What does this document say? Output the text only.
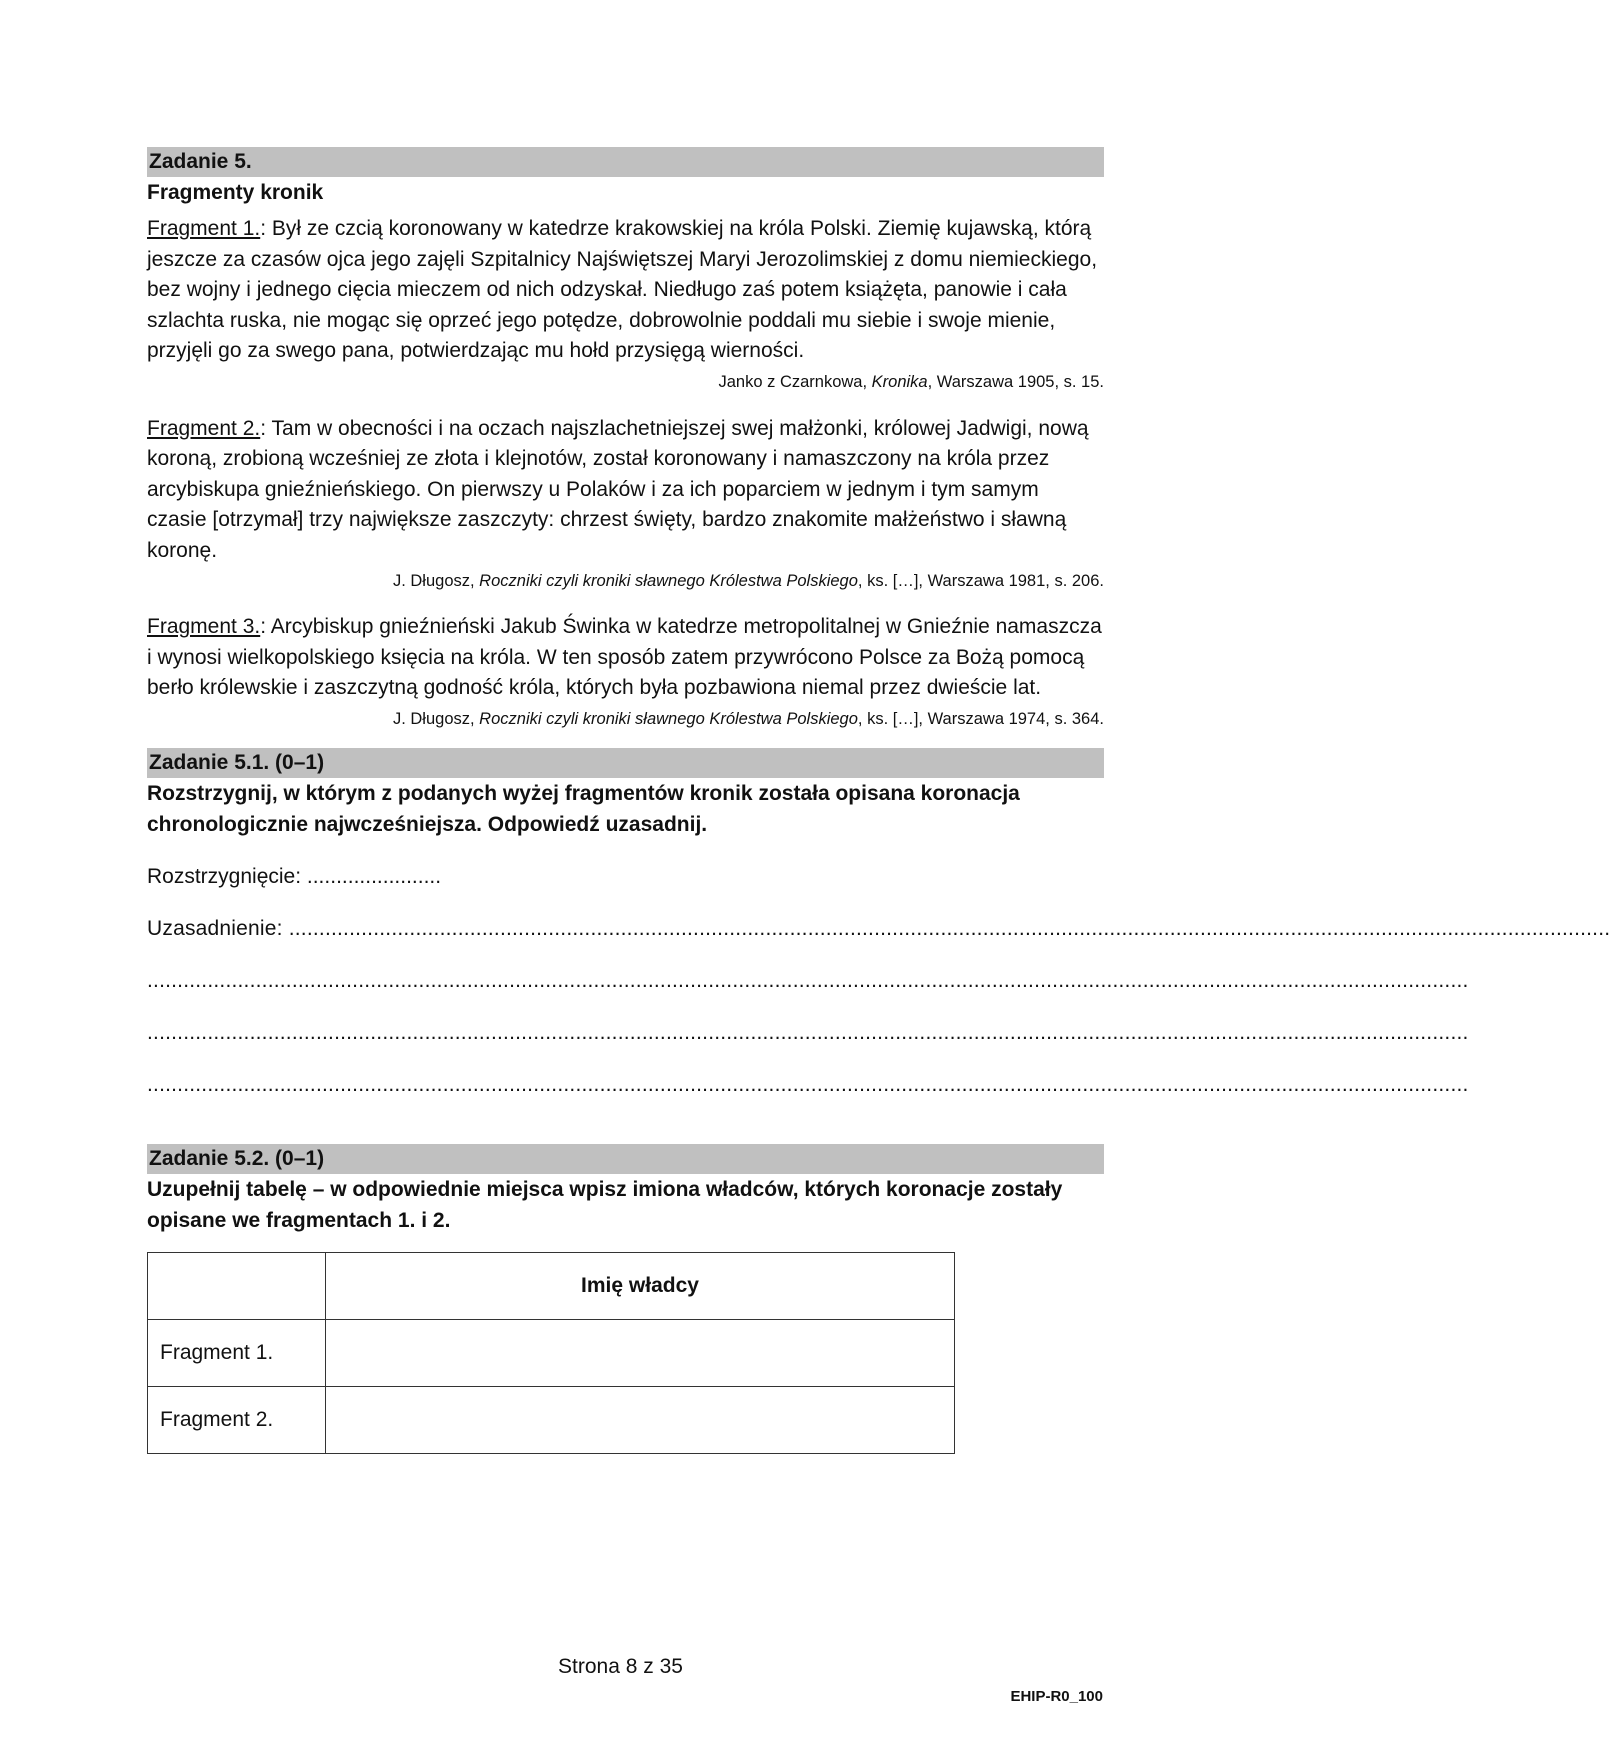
Zadanie 5.
Fragmenty kronik

Fragment 1.: Był ze czcią koronowany w katedrze krakowskiej na króla Polski. Ziemię kujawską, którą jeszcze za czasów ojca jego zajęli Szpitalnicy Najświętszej Maryi Jerozolimskiej z domu niemieckiego, bez wojny i jednego cięcia mieczem od nich odzyskał. Niedługo zaś potem książęta, panowie i cała szlachta ruska, nie mogąc się oprzeć jego potędze, dobrowolnie poddali mu siebie i swoje mienie, przyjęli go za swego pana, potwierdzając mu hołd przysięgą wierności.

Janko z Czarnkowa, Kronika, Warszawa 1905, s. 15.

Fragment 2.: Tam w obecności i na oczach najszlachetniejszej swej małżonki, królowej Jadwigi, nową koroną, zrobioną wcześniej ze złota i klejnotów, został koronowany i namaszczony na króla przez arcybiskupa gnieźnieńskiego. On pierwszy u Polaków i za ich poparciem w jednym i tym samym czasie [otrzymał] trzy największe zaszczyty: chrzest święty, bardzo znakomite małżeństwo i sławną koronę.

J. Długosz, Roczniki czyli kroniki sławnego Królestwa Polskiego, ks. […], Warszawa 1981, s. 206.

Fragment 3.: Arcybiskup gnieźnieński Jakub Świnka w katedrze metropolitalnej w Gnieźnie namaszcza i wynosi wielkopolskiego księcia na króla. W ten sposób zatem przywrócono Polsce za Bożą pomocą berło królewskie i zaszczytną godność króla, których była pozbawiona niemal przez dwieście lat.

J. Długosz, Roczniki czyli kroniki sławnego Królestwa Polskiego, ks. […], Warszawa 1974, s. 364.

Zadanie 5.1. (0–1)
Rozstrzygnij, w którym z podanych wyżej fragmentów kronik została opisana koronacja chronologicznie najwcześniejsza. Odpowiedź uzasadnij.
Rozstrzygnięcie: .......................
Uzasadnienie: ...........................................................................................................................................................................................................................
...........................................................................................................................................................................................................................
...........................................................................................................................................................................................................................
...........................................................................................................................................................................................................................
Zadanie 5.2. (0–1)
Uzupełnij tabelę – w odpowiednie miejsca wpisz imiona władców, których koronacje zostały opisane we fragmentach 1. i 2.
	Imię władcy
Fragment 1.	
Fragment 2.	
Strona 8 z 35
EHIP-R0_100
